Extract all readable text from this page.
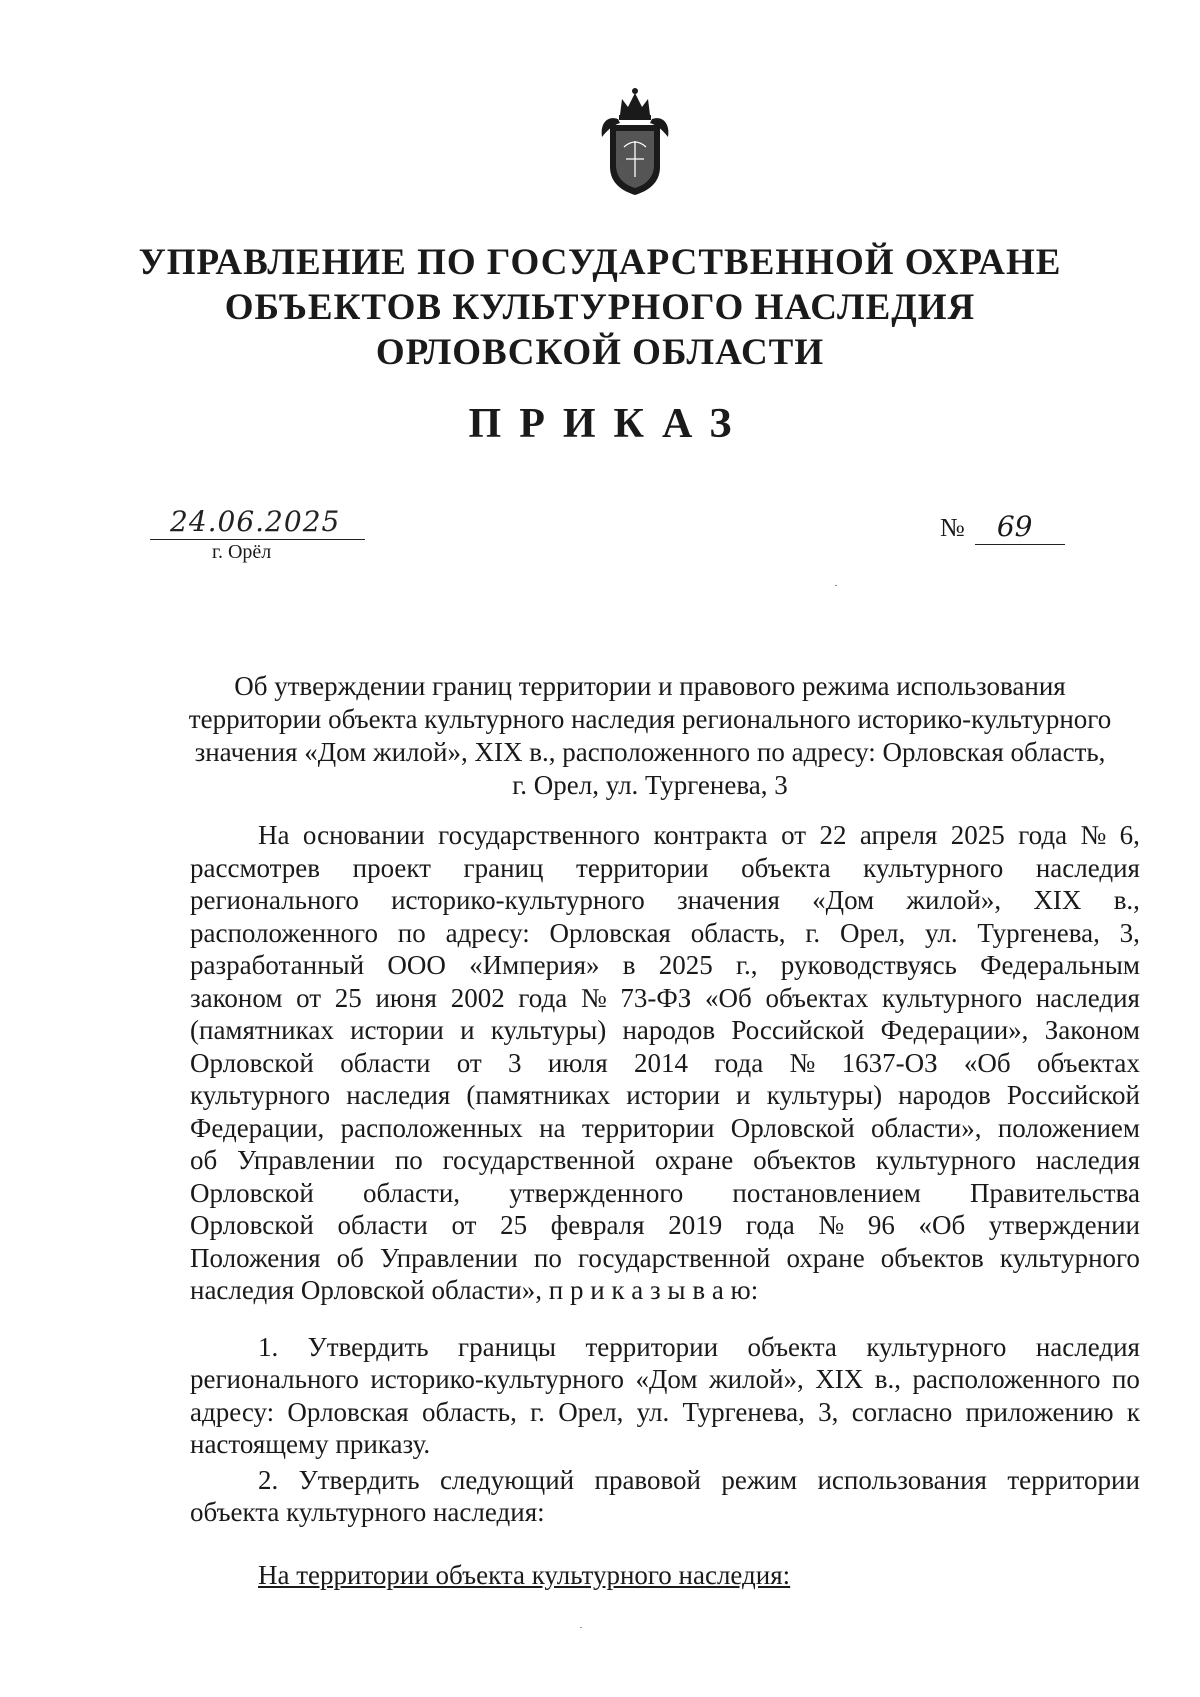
УПРАВЛЕНИЕ ПО ГОСУДАРСТВЕННОЙ ОХРАНЕ
ОБЪЕКТОВ КУЛЬТУРНОГО НАСЛЕДИЯ
ОРЛОВСКОЙ ОБЛАСТИ
ПРИКАЗ
24.06.2025
г. Орёл
№ 69
Об утверждении границ территории и правового режима использования
территории объекта культурного наследия регионального историко-культурного
значения «Дом жилой», XIX в., расположенного по адресу: Орловская область,
г. Орел, ул. Тургенева, 3
На основании государственного контракта от 22 апреля 2025 года № 6,
рассмотрев проект границ территории объекта культурного наследия
регионального историко-культурного значения «Дом жилой», XIX в.,
расположенного по адресу: Орловская область, г. Орел, ул. Тургенева, 3,
разработанный ООО «Империя» в 2025 г., руководствуясь Федеральным
законом от 25 июня 2002 года № 73-ФЗ «Об объектах культурного наследия
(памятниках истории и культуры) народов Российской Федерации», Законом
Орловской области от 3 июля 2014 года № 1637-ОЗ «Об объектах
культурного наследия (памятниках истории и культуры) народов Российской
Федерации, расположенных на территории Орловской области», положением
об Управлении по государственной охране объектов культурного наследия
Орловской области, утвержденного постановлением Правительства
Орловской области от 25 февраля 2019 года № 96 «Об утверждении
Положения об Управлении по государственной охране объектов культурного
наследия Орловской области», п р и к а з ы в а ю:
1. Утвердить границы территории объекта культурного наследия
регионального историко-культурного «Дом жилой», XIX в., расположенного по
адресу: Орловская область, г. Орел, ул. Тургенева, 3, согласно приложению к
настоящему приказу.
2. Утвердить следующий правовой режим использования территории
объекта культурного наследия:
На территории объекта культурного наследия:
